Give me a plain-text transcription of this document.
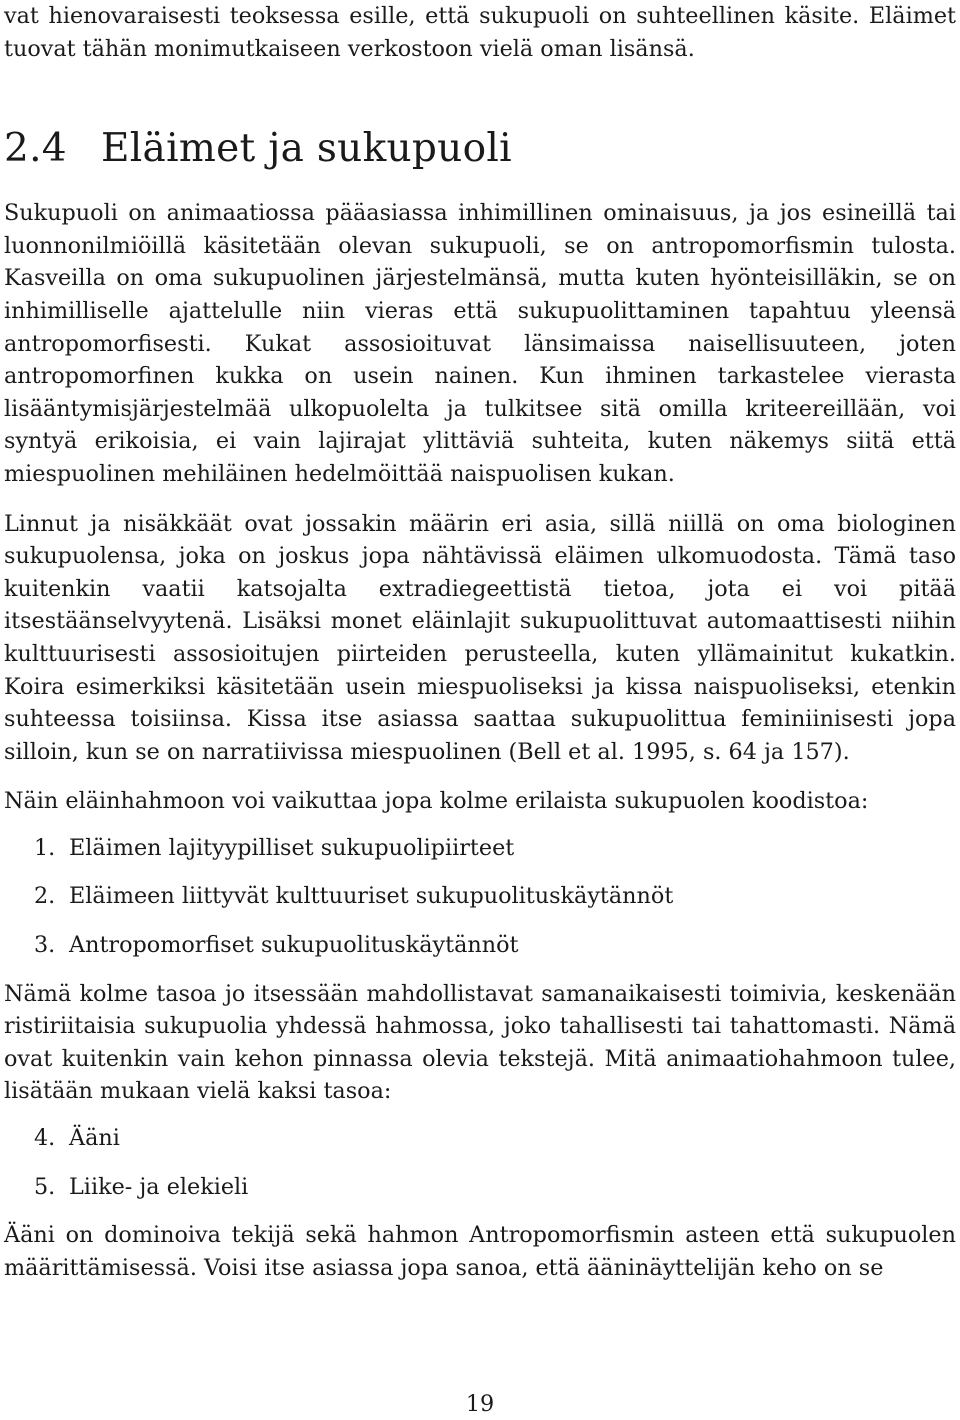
vat hienovaraisesti teoksessa esille, että sukupuoli on suhteellinen käsite. Eläimet tuovat tähän monimutkaiseen verkostoon vielä oman lisänsä.

2.4 Eläimet ja sukupuoli

Sukupuoli on animaatiossa pääasiassa inhimillinen ominaisuus, ja jos esineillä tai luonnonilmiöillä käsitetään olevan sukupuoli, se on antropomorfismin tulosta. Kasveilla on oma sukupuolinen järjestelmänsä, mutta kuten hyönteisilläkin, se on inhimilliselle ajattelulle niin vieras että sukupuolittaminen tapahtuu yleensä antropomorfisesti. Kukat assosioituvat länsimaissa naisellisuuteen, joten antropomorfinen kukka on usein nainen. Kun ihminen tarkastelee vierasta lisääntymisjärjestelmää ulkopuolelta ja tulkitsee sitä omilla kriteereillään, voi syntyä erikoisia, ei vain lajirajat ylittäviä suhteita, kuten näkemys siitä että miespuolinen mehiläinen hedelmöittää naispuolisen kukan.

Linnut ja nisäkkäät ovat jossakin määrin eri asia, sillä niillä on oma biologinen sukupuolensa, joka on joskus jopa nähtävissä eläimen ulkomuodosta. Tämä taso kuitenkin vaatii katsojalta extradiegeettistä tietoa, jota ei voi pitää itsestäänselvyytenä. Lisäksi monet eläinlajit sukupuolittuvat automaattisesti niihin kulttuurisesti assosioitujen piirteiden perusteella, kuten yllämainitut kukatkin. Koira esimerkiksi käsitetään usein miespuoliseksi ja kissa naispuoliseksi, etenkin suhteessa toisiinsa. Kissa itse asiassa saattaa sukupuolittua feminiinisesti jopa silloin, kun se on narratiivissa miespuolinen (Bell et al. 1995, s. 64 ja 157).

Näin eläinhahmoon voi vaikuttaa jopa kolme erilaista sukupuolen koodistoa:

1. Eläimen lajityypilliset sukupuolipiirteet
2. Eläimeen liittyvät kulttuuriset sukupuolituskäytännöt
3. Antropomorfiset sukupuolituskäytännöt

Nämä kolme tasoa jo itsessään mahdollistavat samanaikaisesti toimivia, keskenään ristiriitaisia sukupuolia yhdessä hahmossa, joko tahallisesti tai tahattomasti. Nämä ovat kuitenkin vain kehon pinnassa olevia tekstejä. Mitä animaatiohahmoon tulee, lisätään mukaan vielä kaksi tasoa:

4. Ääni
5. Liike- ja elekieli

Ääni on dominoiva tekijä sekä hahmon Antropomorfismin asteen että sukupuolen määrittämisessä. Voisi itse asiassa jopa sanoa, että ääninäyttelijän keho on se

19
